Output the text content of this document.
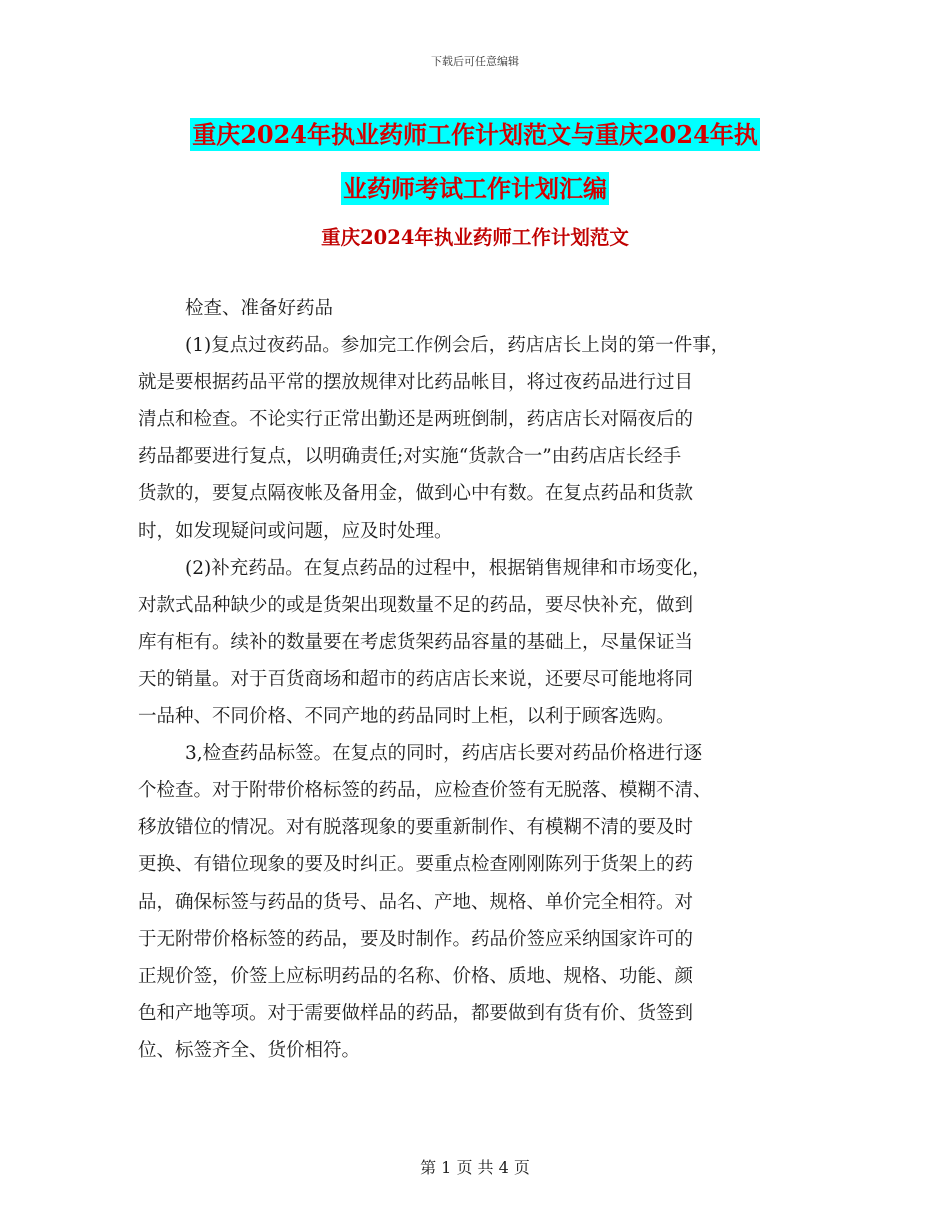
下载后可任意编辑
重庆2024年执业药师工作计划范文与重庆2024年执
业药师考试工作计划汇编
重庆2024年执业药师工作计划范文
检查、准备好药品
(1)复点过夜药品。参加完工作例会后，药店店长上岗的第一件事，
就是要根据药品平常的摆放规律对比药品帐目，将过夜药品进行过目
清点和检查。不论实行正常出勤还是两班倒制，药店店长对隔夜后的
药品都要进行复点，以明确责任;对实施“货款合一”由药店店长经手
货款的，要复点隔夜帐及备用金，做到心中有数。在复点药品和货款
时，如发现疑问或问题，应及时处理。
(2)补充药品。在复点药品的过程中，根据销售规律和市场变化，
对款式品种缺少的或是货架出现数量不足的药品，要尽快补充，做到
库有柜有。续补的数量要在考虑货架药品容量的基础上，尽量保证当
天的销量。对于百货商场和超市的药店店长来说，还要尽可能地将同
一品种、不同价格、不同产地的药品同时上柜，以利于顾客选购。
3,检查药品标签。在复点的同时，药店店长要对药品价格进行逐
个检查。对于附带价格标签的药品，应检查价签有无脱落、模糊不清、
移放错位的情况。对有脱落现象的要重新制作、有模糊不清的要及时
更换、有错位现象的要及时纠正。要重点检查刚刚陈列于货架上的药
品，确保标签与药品的货号、品名、产地、规格、单价完全相符。对
于无附带价格标签的药品，要及时制作。药品价签应采纳国家许可的
正规价签，价签上应标明药品的名称、价格、质地、规格、功能、颜
色和产地等项。对于需要做样品的药品，都要做到有货有价、货签到
位、标签齐全、货价相符。
第 1 页 共 4 页
